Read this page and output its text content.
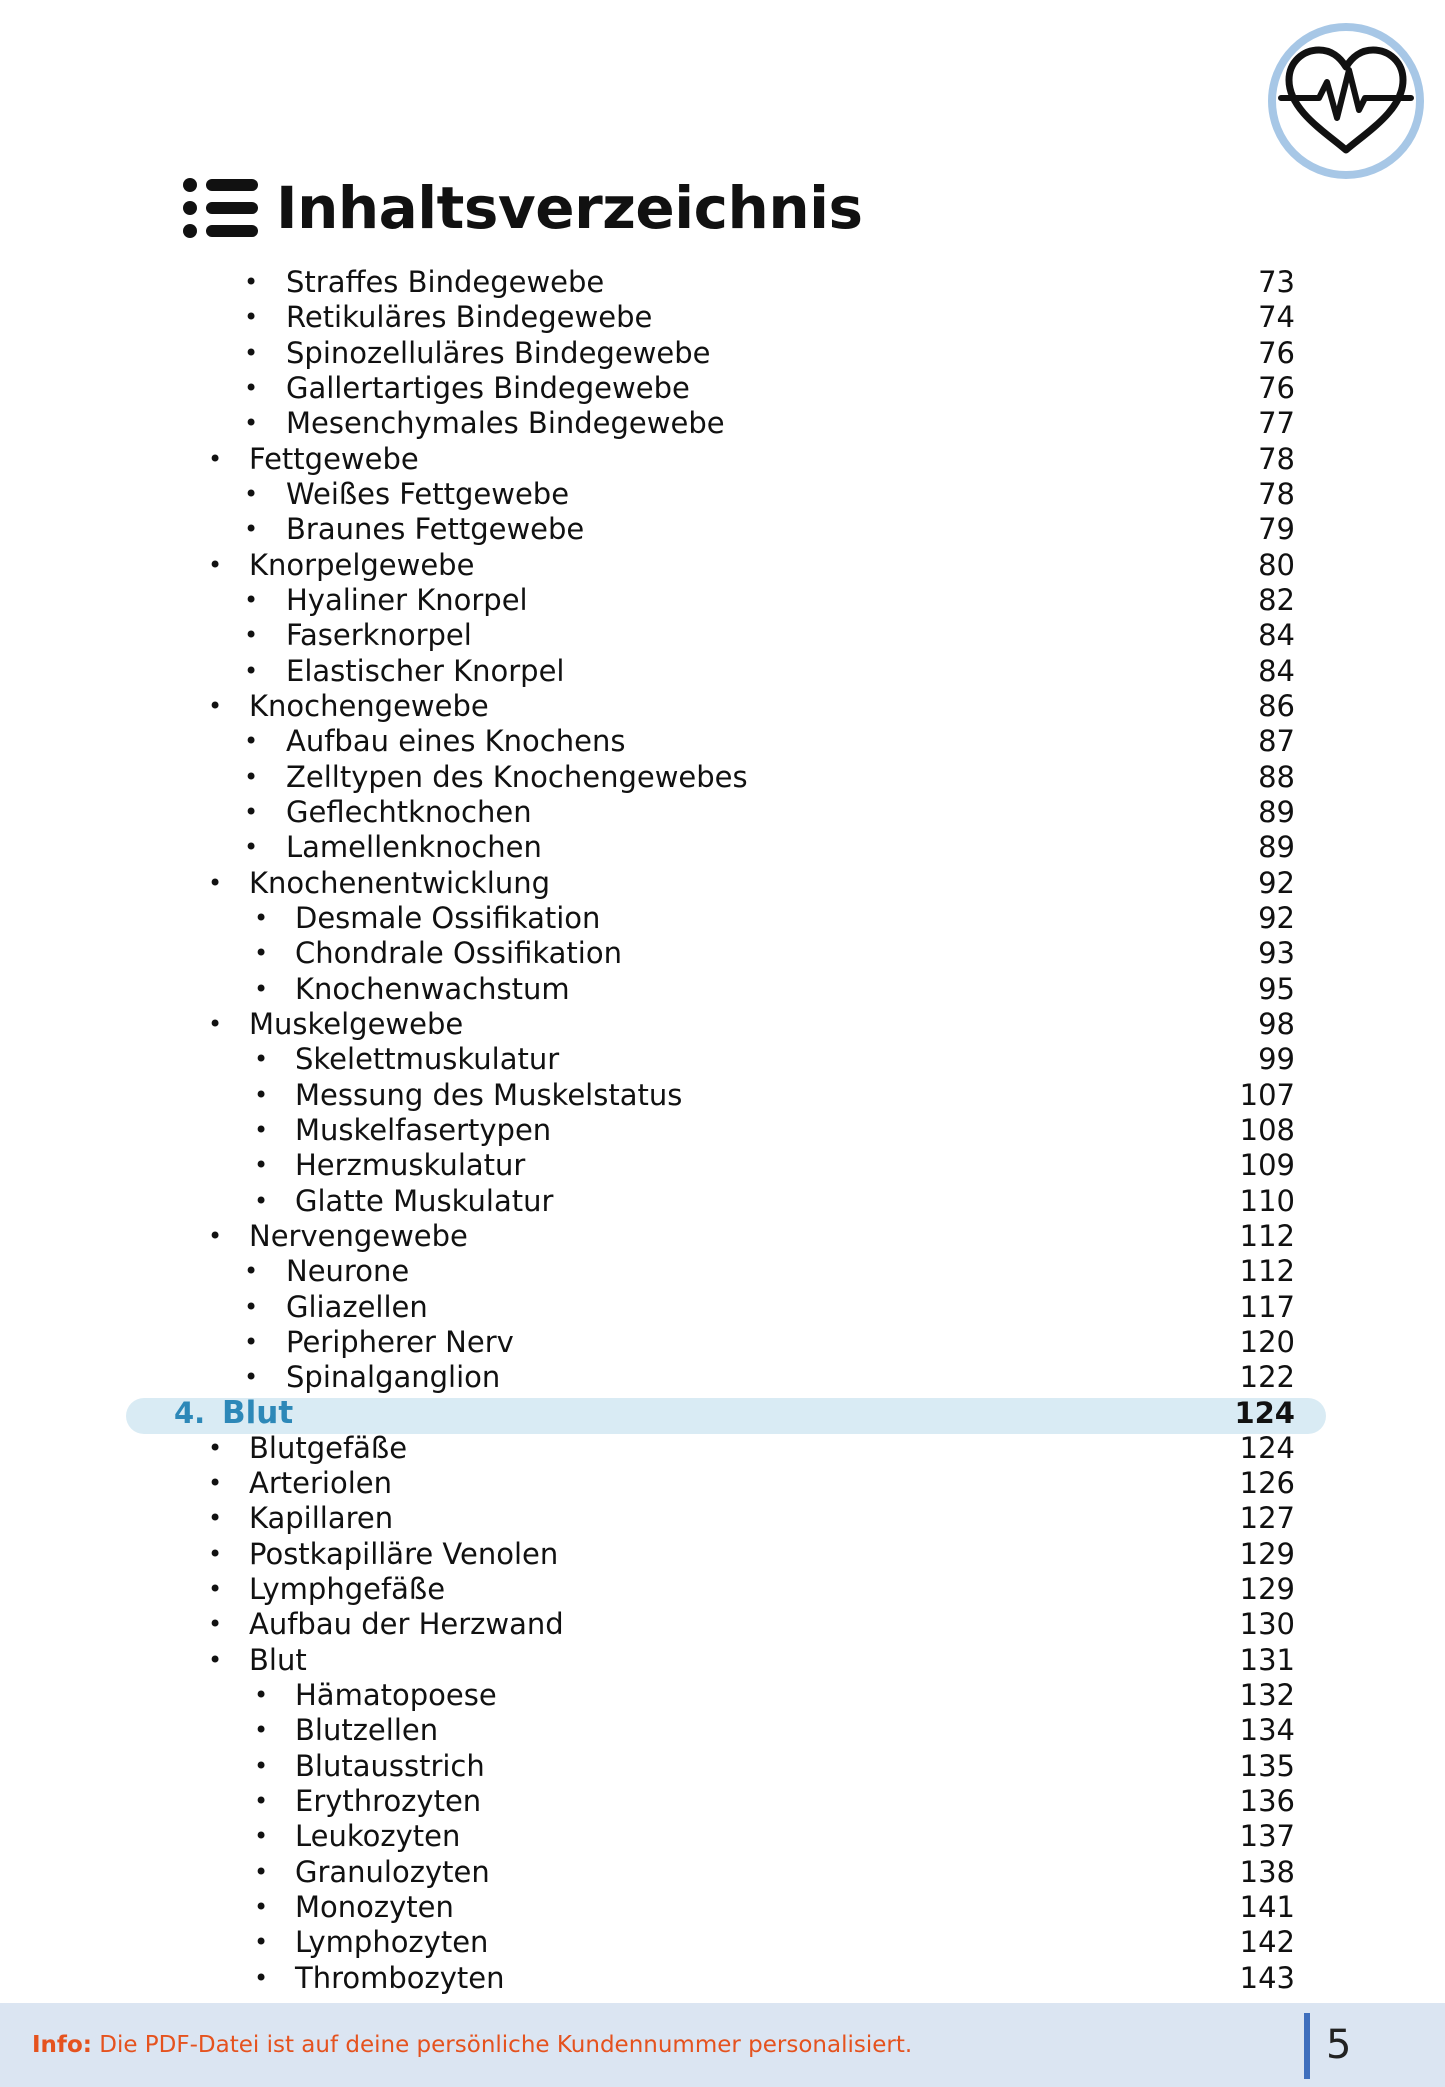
Inhaltsverzeichnis
• Straffes Bindegewebe	73
• Retikuläres Bindegewebe	74
• Spinozelluläres Bindegewebe	76
• Gallertartiges Bindegewebe	76
• Mesenchymales Bindegewebe	77
• Fettgewebe	78
• Weißes Fettgewebe	78
• Braunes Fettgewebe	79
• Knorpelgewebe	80
• Hyaliner Knorpel	82
• Faserknorpel	84
• Elastischer Knorpel	84
• Knochengewebe	86
• Aufbau eines Knochens	87
• Zelltypen des Knochengewebes	88
• Geflechtknochen	89
• Lamellenknochen	89
• Knochenentwicklung	92
• Desmale Ossifikation	92
• Chondrale Ossifikation	93
• Knochenwachstum	95
• Muskelgewebe	98
• Skelettmuskulatur	99
• Messung des Muskelstatus	107
• Muskelfasertypen	108
• Herzmuskulatur	109
• Glatte Muskulatur	110
• Nervengewebe	112
• Neurone	112
• Gliazellen	117
• Peripherer Nerv	120
• Spinalganglion	122
4. Blut	124
• Blutgefäße	124
• Arteriolen	126
• Kapillaren	127
• Postkapilläre Venolen	129
• Lymphgefäße	129
• Aufbau der Herzwand	130
• Blut	131
• Hämatopoese	132
• Blutzellen	134
• Blutausstrich	135
• Erythrozyten	136
• Leukozyten	137
• Granulozyten	138
• Monozyten	141
• Lymphozyten	142
• Thrombozyten	143
Info: Die PDF-Datei ist auf deine persönliche Kundennummer personalisiert.	5
